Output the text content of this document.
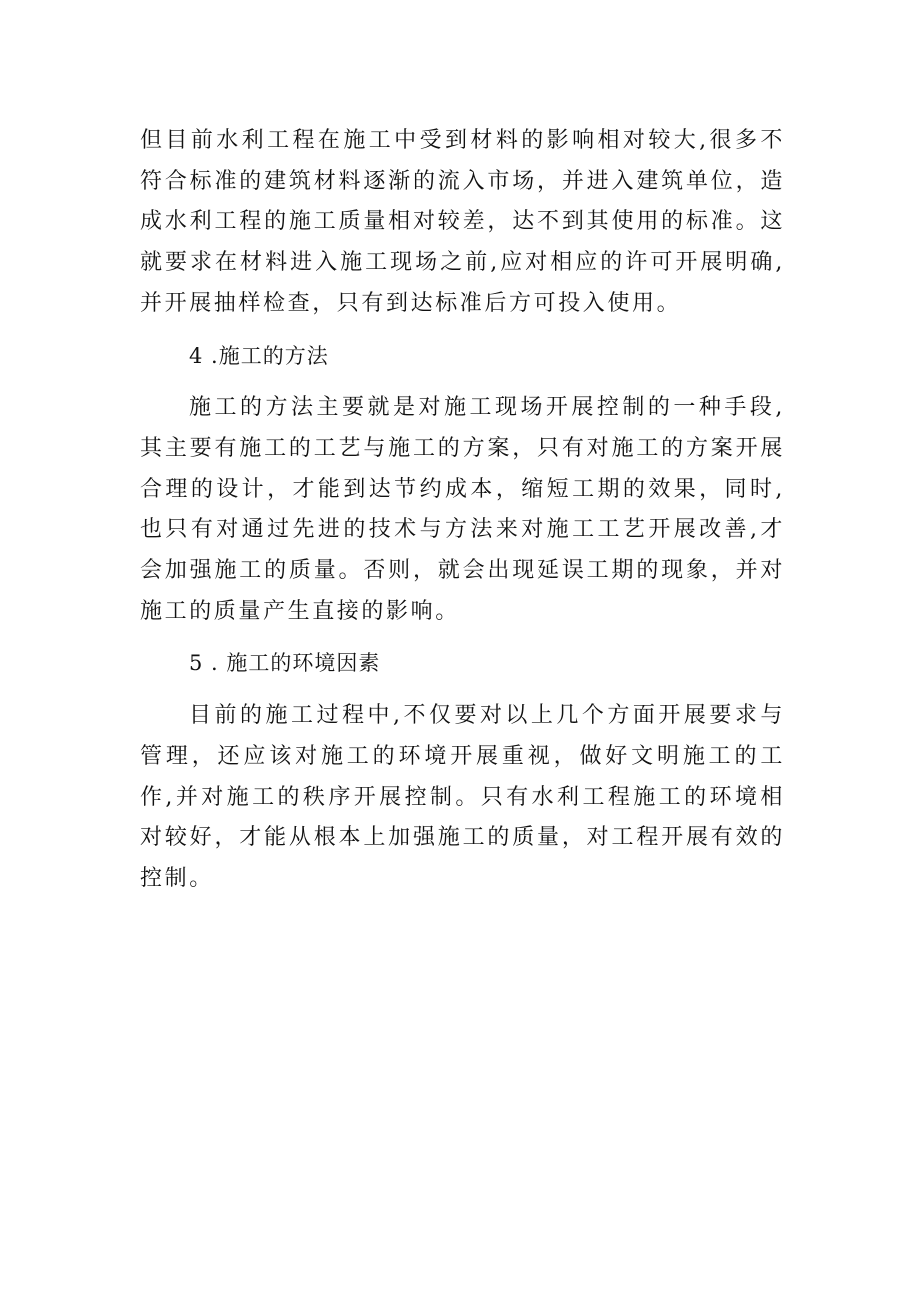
但目前水利工程在施工中受到材料的影响相对较大,很多不符合标准的建筑材料逐渐的流入市场，并进入建筑单位，造成水利工程的施工质量相对较差，达不到其使用的标准。这就要求在材料进入施工现场之前,应对相应的许可开展明确,并开展抽样检查，只有到达标准后方可投入使用。

4 .施工的方法

施工的方法主要就是对施工现场开展控制的一种手段,其主要有施工的工艺与施工的方案，只有对施工的方案开展合理的设计，才能到达节约成本，缩短工期的效果，同时,也只有对通过先进的技术与方法来对施工工艺开展改善,才会加强施工的质量。否则，就会出现延误工期的现象，并对施工的质量产生直接的影响。

5 . 施工的环境因素

目前的施工过程中,不仅要对以上几个方面开展要求与管理，还应该对施工的环境开展重视，做好文明施工的工作,并对施工的秩序开展控制。只有水利工程施工的环境相对较好，才能从根本上加强施工的质量，对工程开展有效的控制。
